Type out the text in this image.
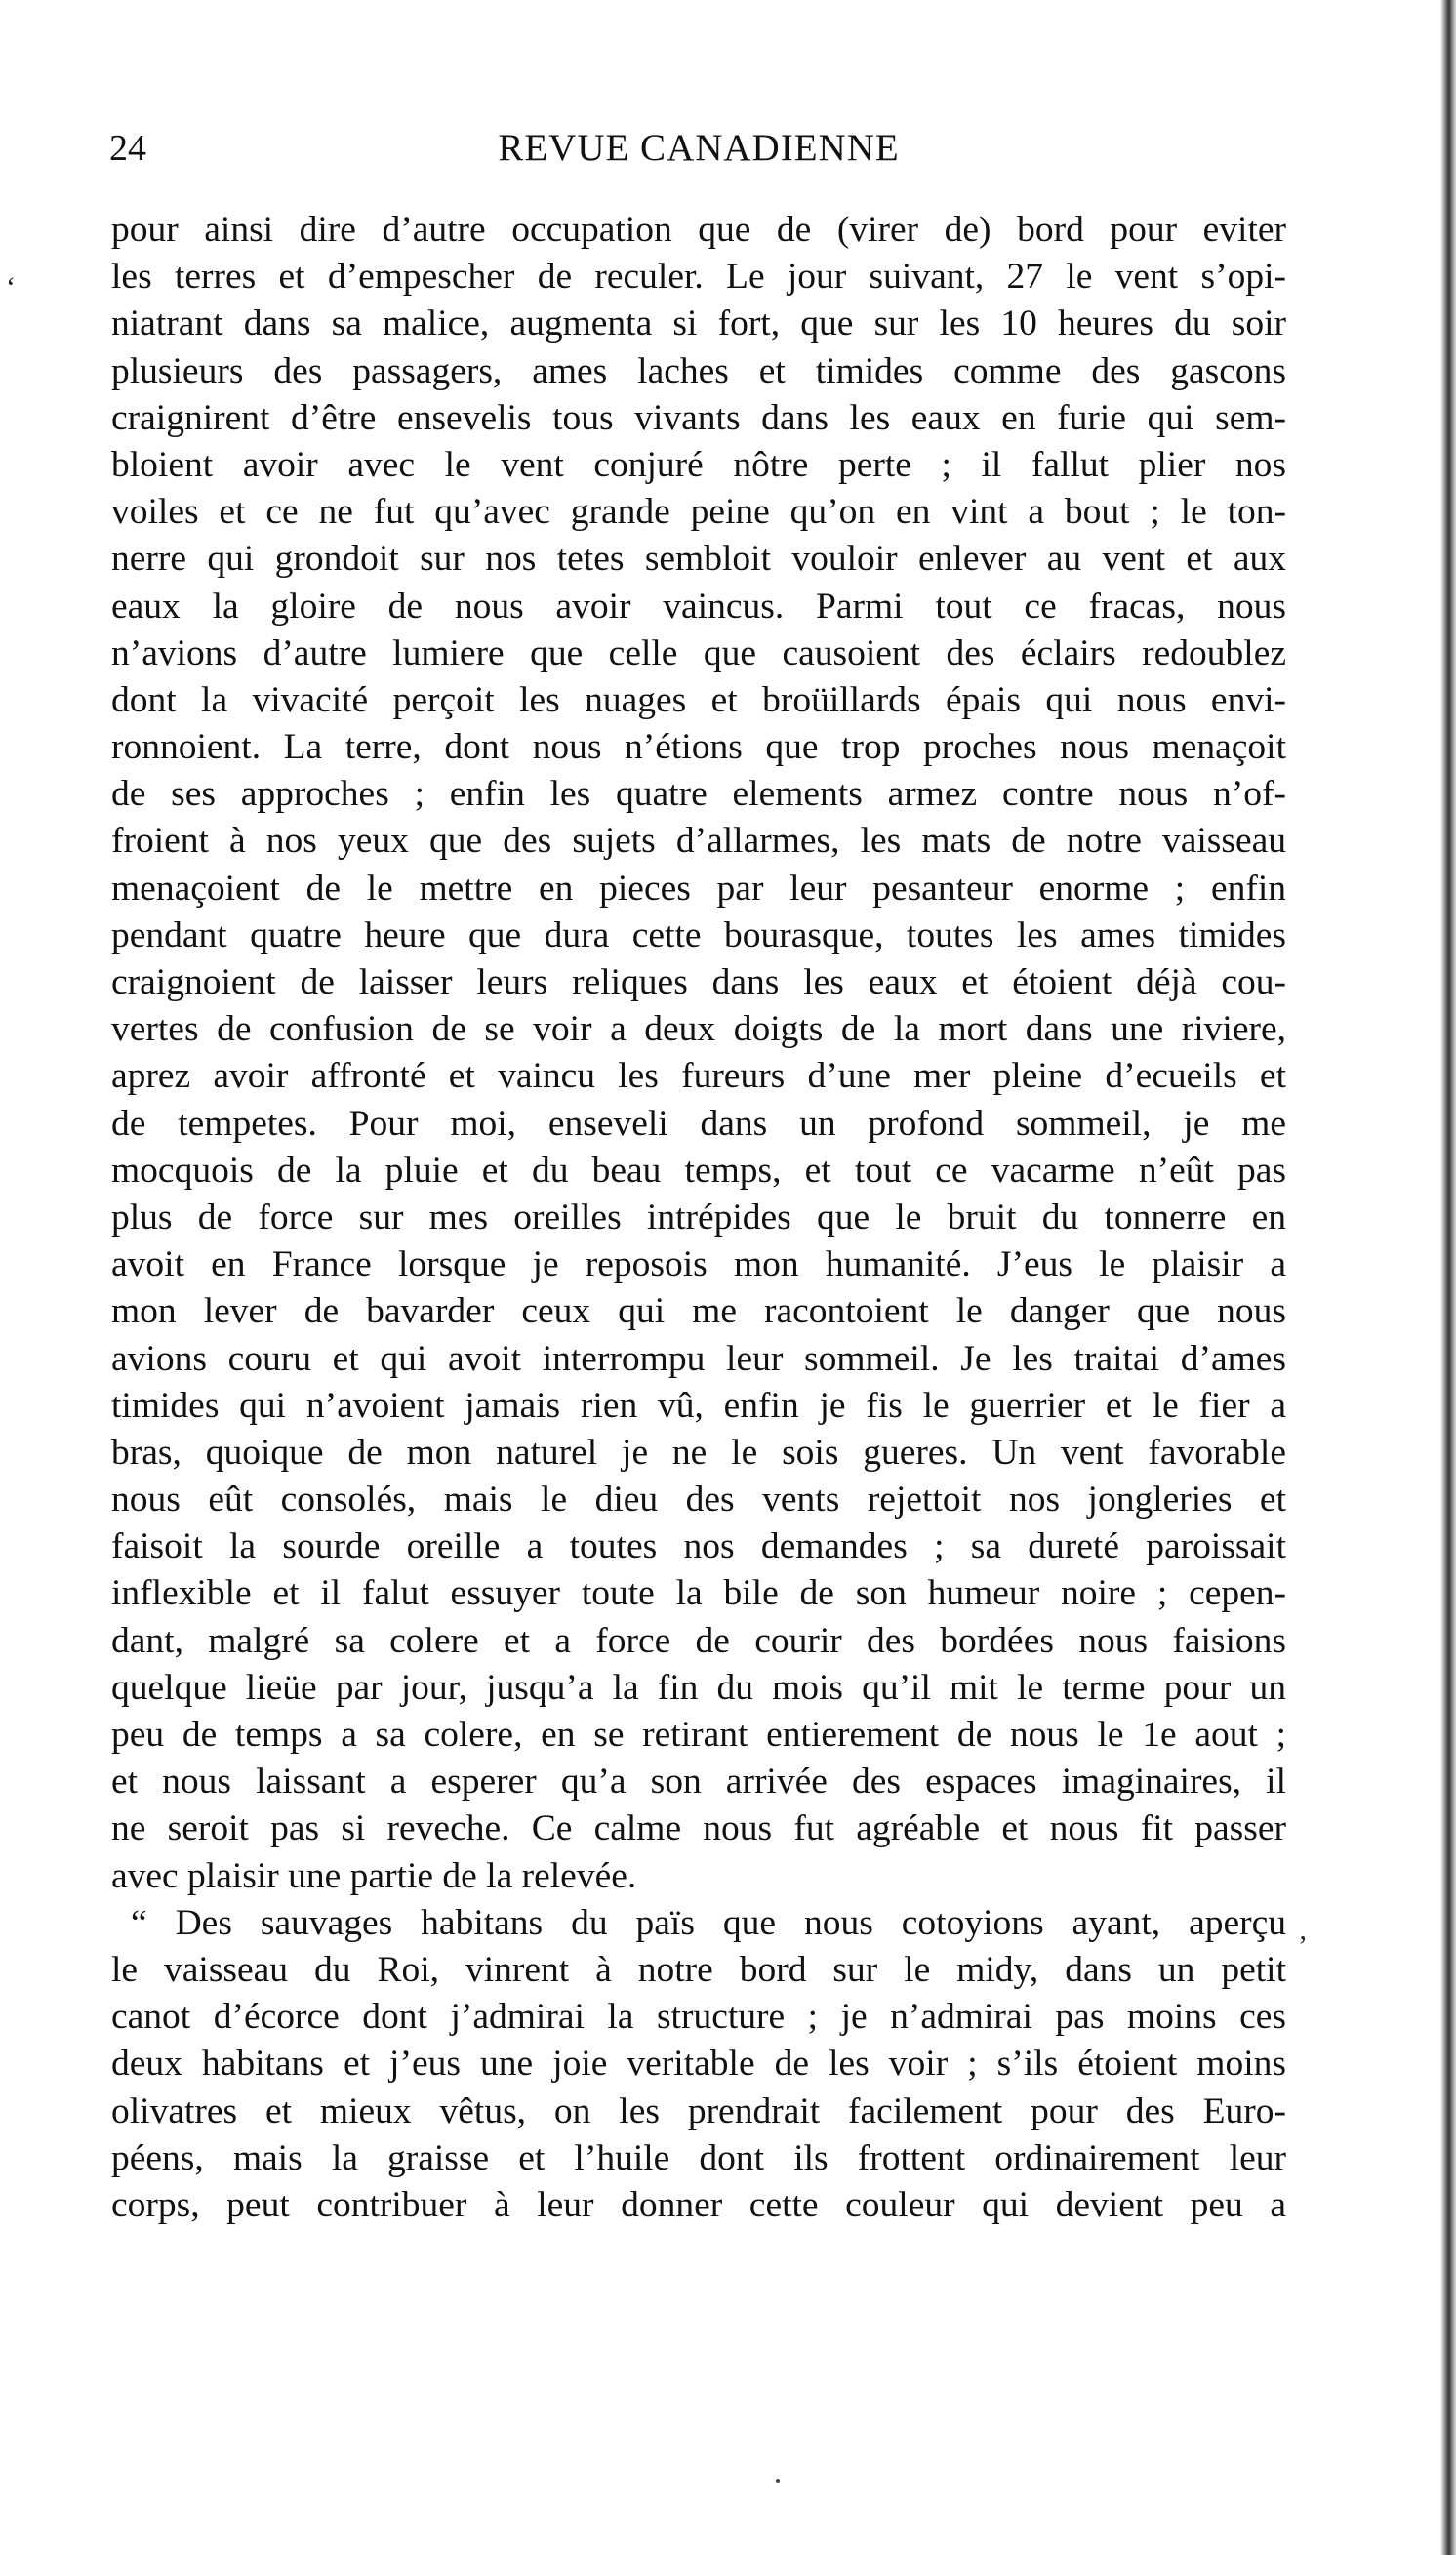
24	REVUE CANADIENNE
ʻ
ʼ
pour ainsi dire d’autre occupation que de (virer de) bord pour eviter
les terres et d’empescher de reculer. Le jour suivant, 27 le vent s’opi-
niatrant dans sa malice, augmenta si fort, que sur les 10 heures du soir
plusieurs des passagers, ames laches et timides comme des gascons
craignirent d’être ensevelis tous vivants dans les eaux en furie qui sem-
bloient avoir avec le vent conjuré nôtre perte ; il fallut plier nos
voiles et ce ne fut qu’avec grande peine qu’on en vint a bout ; le ton-
nerre qui grondoit sur nos tetes sembloit vouloir enlever au vent et aux
eaux la gloire de nous avoir vaincus. Parmi tout ce fracas, nous
n’avions d’autre lumiere que celle que causoient des éclairs redoublez
dont la vivacité perçoit les nuages et broüillards épais qui nous envi-
ronnoient. La terre, dont nous n’étions que trop proches nous menaçoit
de ses approches ; enfin les quatre elements armez contre nous n’of-
froient à nos yeux que des sujets d’allarmes, les mats de notre vaisseau
menaçoient de le mettre en pieces par leur pesanteur enorme ; enfin
pendant quatre heure que dura cette bourasque, toutes les ames timides
craignoient de laisser leurs reliques dans les eaux et étoient déjà cou-
vertes de confusion de se voir a deux doigts de la mort dans une riviere,
aprez avoir affronté et vaincu les fureurs d’une mer pleine d’ecueils et
de tempetes. Pour moi, enseveli dans un profond sommeil, je me
mocquois de la pluie et du beau temps, et tout ce vacarme n’eût pas
plus de force sur mes oreilles intrépides que le bruit du tonnerre en
avoit en France lorsque je reposois mon humanité. J’eus le plaisir a
mon lever de bavarder ceux qui me racontoient le danger que nous
avions couru et qui avoit interrompu leur sommeil. Je les traitai d’ames
timides qui n’avoient jamais rien vû, enfin je fis le guerrier et le fier a
bras, quoique de mon naturel je ne le sois gueres. Un vent favorable
nous eût consolés, mais le dieu des vents rejettoit nos jongleries et
faisoit la sourde oreille a toutes nos demandes ; sa dureté paroissait
inflexible et il falut essuyer toute la bile de son humeur noire ; cepen-
dant, malgré sa colere et a force de courir des bordées nous faisions
quelque lieüe par jour, jusqu’a la fin du mois qu’il mit le terme pour un
peu de temps a sa colere, en se retirant entierement de nous le 1e aout ;
et nous laissant a esperer qu’a son arrivée des espaces imaginaires, il
ne seroit pas si reveche. Ce calme nous fut agréable et nous fit passer
avec plaisir une partie de la relevée.
“ Des sauvages habitans du païs que nous cotoyions ayant, aperçu
le vaisseau du Roi, vinrent à notre bord sur le midy, dans un petit
canot d’écorce dont j’admirai la structure ; je n’admirai pas moins ces
deux habitans et j’eus une joie veritable de les voir ; s’ils étoient moins
olivatres et mieux vêtus, on les prendrait facilement pour des Euro-
péens, mais la graisse et l’huile dont ils frottent ordinairement leur
corps, peut contribuer à leur donner cette couleur qui devient peu a
